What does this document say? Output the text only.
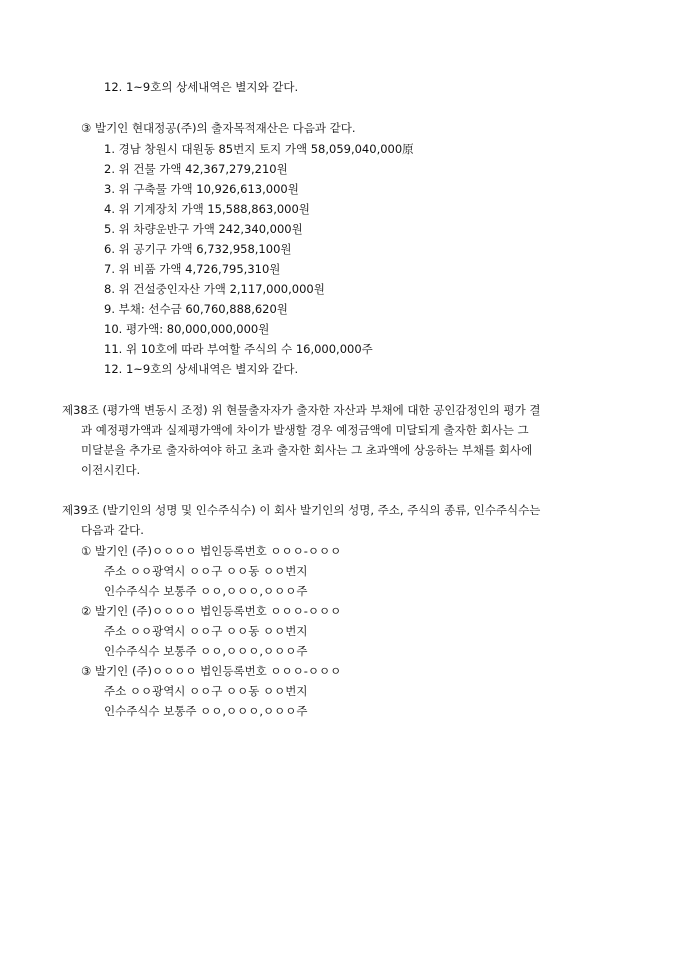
12. 1~9호의 상세내역은 별지와 같다.
③ 발기인 현대정공(주)의 출자목적재산은 다음과 같다.
1. 경남 창원시 대원동 85번지 토지 가액 58,059,040,000原
2. 위 건물 가액 42,367,279,210원
3. 위 구축물 가액 10,926,613,000원
4. 위 기계장치 가액 15,588,863,000원
5. 위 차량운반구 가액 242,340,000원
6. 위 공기구 가액 6,732,958,100원
7. 위 비품 가액 4,726,795,310원
8. 위 건설중인자산 가액 2,117,000,000원
9. 부채: 선수금 60,760,888,620원
10. 평가액: 80,000,000,000원
11. 위 10호에 따라 부여할 주식의 수 16,000,000주
12. 1~9호의 상세내역은 별지와 같다.
제38조 (평가액 변동시 조정) 위 현물출자자가 출자한 자산과 부채에 대한 공인감정인의 평가 결
과 예정평가액과 실제평가액에 차이가 발생할 경우 예정금액에 미달되게 출자한 회사는 그
미달분을 추가로 출자하여야 하고 초과 출자한 회사는 그 초과액에 상응하는 부채를 회사에
이전시킨다.
제39조 (발기인의 성명 및 인수주식수) 이 회사 발기인의 성명, 주소, 주식의 종류, 인수주식수는
다음과 같다.
① 발기인 (주)ㅇㅇㅇㅇ 법인등록번호 ㅇㅇㅇ-ㅇㅇㅇ
주소 ㅇㅇ광역시 ㅇㅇ구 ㅇㅇ동 ㅇㅇ번지
인수주식수 보통주 ㅇㅇ,ㅇㅇㅇ,ㅇㅇㅇ주
② 발기인 (주)ㅇㅇㅇㅇ 법인등록번호 ㅇㅇㅇ-ㅇㅇㅇ
주소 ㅇㅇ광역시 ㅇㅇ구 ㅇㅇ동 ㅇㅇ번지
인수주식수 보통주 ㅇㅇ,ㅇㅇㅇ,ㅇㅇㅇ주
③ 발기인 (주)ㅇㅇㅇㅇ 법인등록번호 ㅇㅇㅇ-ㅇㅇㅇ
주소 ㅇㅇ광역시 ㅇㅇ구 ㅇㅇ동 ㅇㅇ번지
인수주식수 보통주 ㅇㅇ,ㅇㅇㅇ,ㅇㅇㅇ주
